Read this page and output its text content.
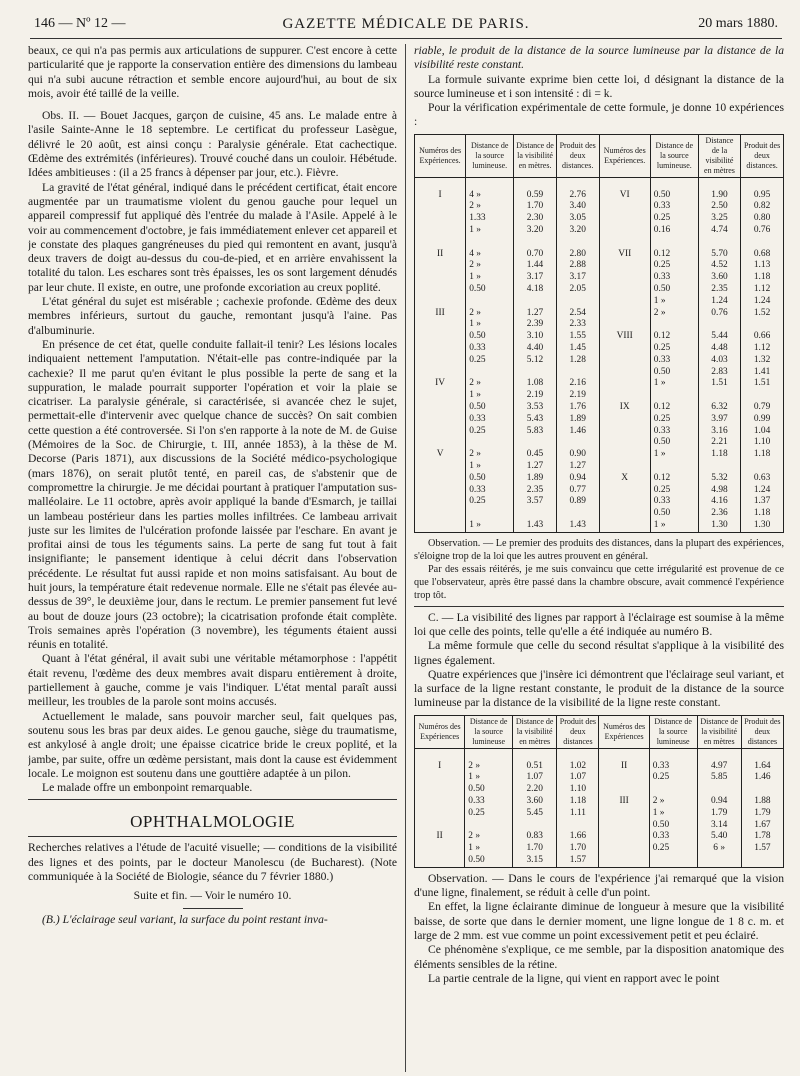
146 — Nº 12 —	GAZETTE MÉDICALE DE PARIS.	20 mars 1880.

beaux, ce qui n'a pas permis aux articulations de suppurer. C'est encore à cette particularité que je rapporte la conservation entière des dimensions du lambeau qui n'a subi aucune rétraction et semble encore aujourd'hui, au bout de six mois, avoir été taillé de la veille.

Obs. II. — Bouet Jacques, garçon de cuisine, 45 ans. Le malade entre à l'asile Sainte-Anne le 18 septembre. Le certificat du professeur Lasègue, délivré le 20 août, est ainsi conçu : Paralysie générale. Etat cachectique. Œdème des extrémités (inférieures). Trouvé couché dans un couloir. Hébétude. Idées ambitieuses : (il a 25 francs à dépenser par jour, etc.). Fièvre.

La gravité de l'état général, indiqué dans le précédent certificat, était encore augmentée par un traumatisme violent du genou gauche pour lequel un appareil compressif fut appliqué dès l'entrée du malade à l'Asile. Appelé à le voir au commencement d'octobre, je fais immédiatement enlever cet appareil et je constate des plaques gangréneuses du pied qui remontent en avant, jusqu'à deux travers de doigt au-dessus du cou-de-pied, et en arrière envahissent la totalité du talon. Les eschares sont très épaisses, les os sont largement dénudés par leur chute. Il existe, en outre, une profonde excoriation au creux poplité.

L'état général du sujet est misérable ; cachexie profonde. Œdème des deux membres inférieurs, surtout du gauche, remontant jusqu'à l'aine. Pas d'albuminurie.

En présence de cet état, quelle conduite fallait-il tenir? Les lésions locales indiquaient nettement l'amputation. N'était-elle pas contre-indiquée par la cachexie? Il me parut qu'en évitant le plus possible la perte de sang et la suppuration, le malade pourrait supporter l'opération et voir la plaie se cicatriser. La paralysie générale, si caractérisée, si avancée chez le sujet, permettait-elle d'intervenir avec quelque chance de succès? On sait combien cette question a été controversée. Si l'on s'en rapporte à la note de M. de Guise (Mémoires de la Soc. de Chirurgie, t. III, année 1853), à la thèse de M. Decorse (Paris 1871), aux discussions de la Société médico-psychologique (mars 1876), on serait plutôt tenté, en pareil cas, de s'abstenir que de compromettre la chirurgie. Je me décidai pourtant à pratiquer l'amputation sus-malléolaire. Le 11 octobre, après avoir appliqué la bande d'Esmarch, je taillai un lambeau postérieur dans les parties molles infiltrées. Ce lambeau arrivait juste sur les limites de l'ulcération profonde laissée par l'eschare. En avant je profitai ainsi de tous les téguments sains. La perte de sang fut tout à fait insignifiante; le pansement identique à celui décrit dans l'observation précédente. Le résultat fut aussi rapide et non moins satisfaisant. Au bout de huit jours, la température était redevenue normale. Elle ne s'était pas élevée au-dessus de 39°, le deuxième jour, dans le rectum. Le premier pansement fut levé au bout de douze jours (23 octobre); la cicatrisation profonde était complète. Trois semaines après l'opération (3 novembre), les téguments étaient aussi réunis en totalité.

Quant à l'état général, il avait subi une véritable métamorphose : l'appétit était revenu, l'œdème des deux membres avait disparu entièrement à droite, partiellement à gauche, comme je vais l'indiquer. L'état mental paraît aussi meilleur, les troubles de la parole sont moins accusés.

Actuellement le malade, sans pouvoir marcher seul, fait quelques pas, soutenu sous les bras par deux aides. Le genou gauche, siège du traumatisme, est ankylosé à angle droit; une épaisse cicatrice bride le creux poplité, et la jambe, par suite, offre un œdème persistant, mais dont la cause est évidemment locale. Le moignon est soutenu dans une gouttière adaptée à un pilon.

Le malade offre un embonpoint remarquable.

OPHTHALMOLOGIE

Recherches relatives a l'étude de l'acuité visuelle; — conditions de la visibilité des lignes et des points, par le docteur Manolescu (de Bucharest). (Note communiquée à la Société de Biologie, séance du 7 février 1880.)

Suite et fin. — Voir le numéro 10.

(B.) L'éclairage seul variant, la surface du point restant inva-

riable, le produit de la distance de la source lumineuse par la distance de la visibilité reste constant.

La formule suivante exprime bien cette loi, d désignant la distance de la source lumineuse et i son intensité : di = k.

Pour la vérification expérimentale de cette formule, je donne 10 expériences :

Numéros des Expériences.	Distance de la source lumineuse.	Distance de la visibilité en mètres.	Produit des deux distances.	Numéros des Expériences.	Distance de la source lumineuse.	Distance de la visibilité en mètres	Produit des deux distances.

I	4 »	0.59	2.76	VI	0.50	1.90	0.95
	2 »	1.70	3.40		0.33	2.50	0.82
	1.33	2.30	3.05		0.25	3.25	0.80
	1 »	3.20	3.20		0.16	4.74	0.76

II	4 »	0.70	2.80	VII	0.12	5.70	0.68
	2 »	1.44	2.88		0.25	4.52	1.13
	1 »	3.17	3.17		0.33	3.60	1.18
	0.50	4.18	2.05		0.50	2.35	1.12
					1 »	1.24	1.24
III	2 »	1.27	2.54		2 »	0.76	1.52
	1 »	2.39	2.33				
	0.50	3.10	1.55	VIII	0.12	5.44	0.66
	0.33	4.40	1.45		0.25	4.48	1.12
	0.25	5.12	1.28		0.33	4.03	1.32
					0.50	2.83	1.41
IV	2 »	1.08	2.16		1 »	1.51	1.51
	1 »	2.19	2.19				
	0.50	3.53	1.76	IX	0.12	6.32	0.79
	0.33	5.43	1.89		0.25	3.97	0.99
	0.25	5.83	1.46		0.33	3.16	1.04
					0.50	2.21	1.10
V	2 »	0.45	0.90		1 »	1.18	1.18
	1 »	1.27	1.27				
	0.50	1.89	0.94	X	0.12	5.32	0.63
	0.33	2.35	0.77		0.25	4.98	1.24
	0.25	3.57	0.89		0.33	4.16	1.37
					0.50	2.36	1.18
	1 »	1.43	1.43		1 »	1.30	1.30

Observation. — Le premier des produits des distances, dans la plupart des expériences, s'éloigne trop de la loi que les autres prouvent en général.

Par des essais réitérés, je me suis convaincu que cette irrégularité est provenue de ce que l'observateur, après être passé dans la chambre obscure, avait commencé l'expérience trop tôt.

C. — La visibilité des lignes par rapport à l'éclairage est soumise à la même loi que celle des points, telle qu'elle a été indiquée au numéro B.

La même formule que celle du second résultat s'applique à la visibilité des lignes également.

Quatre expériences que j'insère ici démontrent que l'éclairage seul variant, et la surface de la ligne restant constante, le produit de la distance de la source lumineuse par la distance de la visibilité de la ligne reste constant.

Numéros des Expériences	Distance de la source lumineuse	Distance de la visibilité en mètres	Produit des deux distances	Numéros des Expériences	Distance de la source lumineuse	Distance de la visibilité en mètres	Produit des deux distances

I	2 »	0.51	1.02	II	0.33	4.97	1.64
	1 »	1.07	1.07		0.25	5.85	1.46
	0.50	2.20	1.10				
	0.33	3.60	1.18	III	2 »	0.94	1.88
	0.25	5.45	1.11		1 »	1.79	1.79
					0.50	3.14	1.67
II	2 »	0.83	1.66		0.33	5.40	1.78
	1 »	1.70	1.70		0.25	6 »	1.57
	0.50	3.15	1.57				

Observation. — Dans le cours de l'expérience j'ai remarqué que la vision d'une ligne, finalement, se réduit à celle d'un point.

En effet, la ligne éclairante diminue de longueur à mesure que la visibilité baisse, de sorte que dans le dernier moment, une ligne longue de 1 8 c. m. et large de 2 mm. est vue comme un point excessivement petit et peu éclairé.

Ce phénomène s'explique, ce me semble, par la disposition anatomique des éléments sensibles de la rétine.

La partie centrale de la ligne, qui vient en rapport avec le point
